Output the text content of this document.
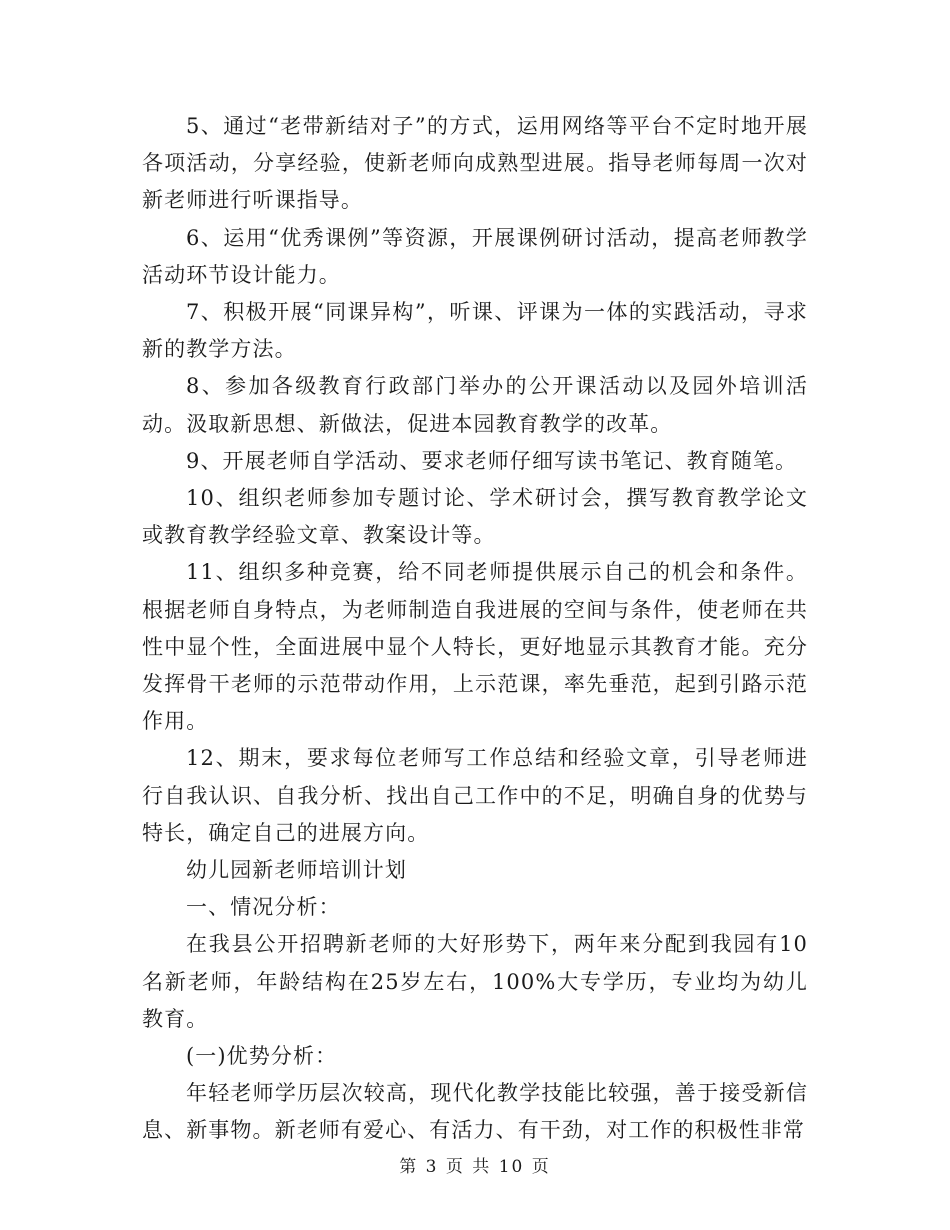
5、通过“老带新结对子”的方式，运用网络等平台不定时地开展各项活动，分享经验，使新老师向成熟型进展。指导老师每周一次对新老师进行听课指导。

6、运用“优秀课例”等资源，开展课例研讨活动，提高老师教学活动环节设计能力。

7、积极开展“同课异构”，听课、评课为一体的实践活动，寻求新的教学方法。

8、参加各级教育行政部门举办的公开课活动以及园外培训活动。汲取新思想、新做法，促进本园教育教学的改革。

9、开展老师自学活动、要求老师仔细写读书笔记、教育随笔。

10、组织老师参加专题讨论、学术研讨会，撰写教育教学论文或教育教学经验文章、教案设计等。

11、组织多种竞赛，给不同老师提供展示自己的机会和条件。根据老师自身特点，为老师制造自我进展的空间与条件，使老师在共性中显个性，全面进展中显个人特长，更好地显示其教育才能。充分发挥骨干老师的示范带动作用，上示范课，率先垂范，起到引路示范作用。

12、期末，要求每位老师写工作总结和经验文章，引导老师进行自我认识、自我分析、找出自己工作中的不足，明确自身的优势与特长，确定自己的进展方向。

幼儿园新老师培训计划

一、情况分析：

在我县公开招聘新老师的大好形势下，两年来分配到我园有10名新老师，年龄结构在25岁左右，100%大专学历，专业均为幼儿教育。

(一)优势分析：

年轻老师学历层次较高，现代化教学技能比较强，善于接受新信息、新事物。新老师有爱心、有活力、有干劲，对工作的积极性非常

第 3 页 共 10 页
